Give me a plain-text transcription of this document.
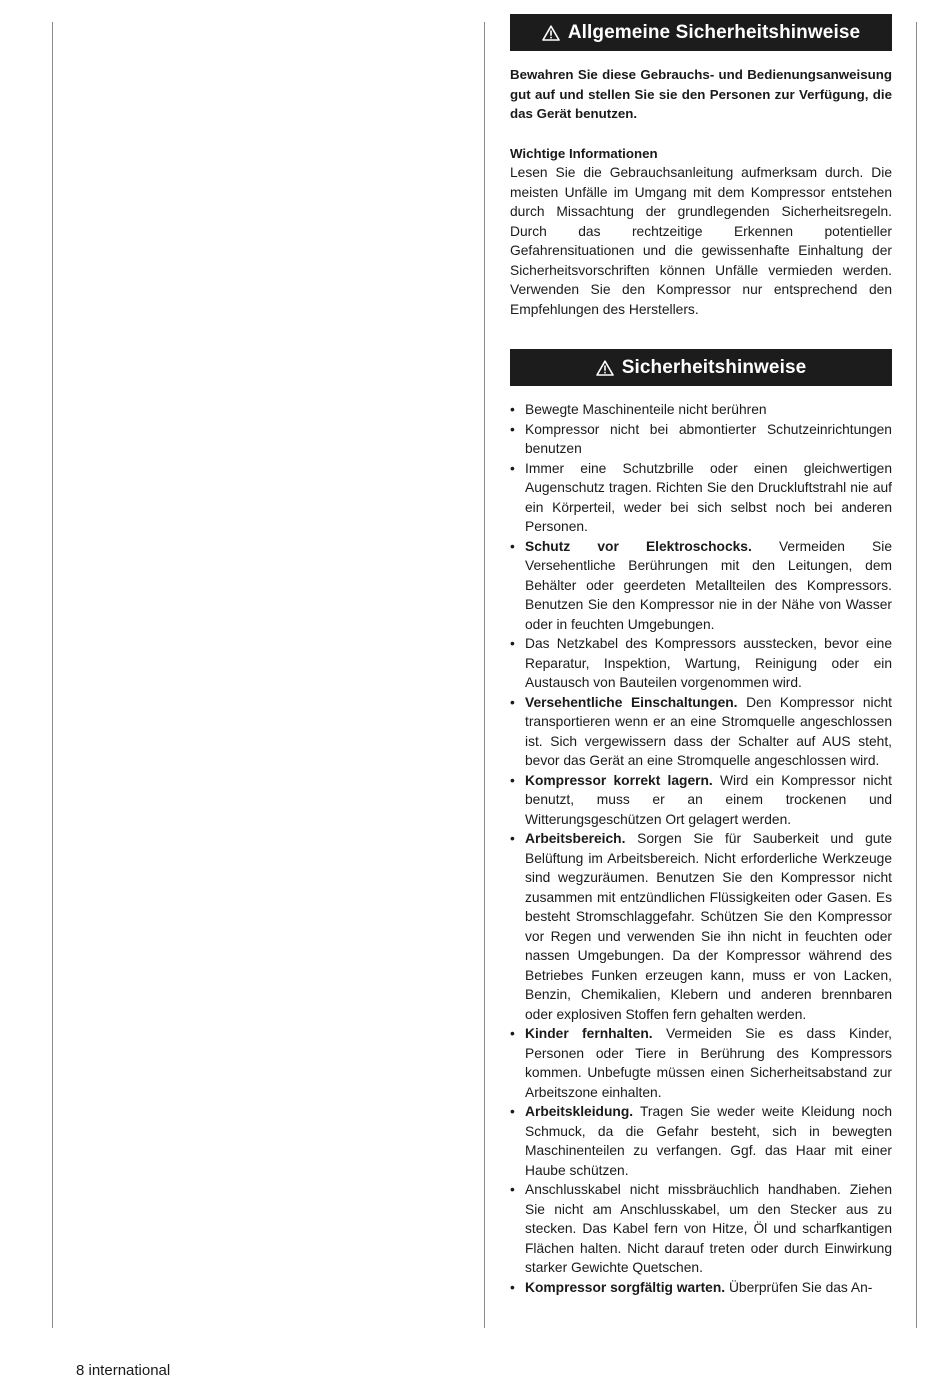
Allgemeine Sicherheitshinweise

Bewahren Sie diese Gebrauchs- und Bedienungsanweisung gut auf und stellen Sie sie den Personen zur Verfügung, die das Gerät benutzen.

Wichtige Informationen

Lesen Sie die Gebrauchsanleitung aufmerksam durch. Die meisten Unfälle im Umgang mit dem Kompressor entstehen durch Missachtung der grundlegenden Sicherheitsregeln. Durch das rechtzeitige Erkennen potentieller Gefahrensituationen und die gewissenhafte Einhaltung der Sicherheitsvorschriften können Unfälle vermieden werden. Verwenden Sie den Kompressor nur entsprechend den Empfehlungen des Herstellers.

Sicherheitshinweise
• Bewegte Maschinenteile nicht berühren
• Kompressor nicht bei abmontierter Schutzeinrichtungen benutzen
• Immer eine Schutzbrille oder einen gleichwertigen Augenschutz tragen. Richten Sie den Druckluftstrahl nie auf ein Körperteil, weder bei sich selbst noch bei anderen Personen.
• Schutz vor Elektroschocks. Vermeiden Sie Versehentliche Berührungen mit den Leitungen, dem Behälter oder geerdeten Metallteilen des Kompressors. Benutzen Sie den Kompressor nie in der Nähe von Wasser oder in feuchten Umgebungen.
• Das Netzkabel des Kompressors ausstecken, bevor eine Reparatur, Inspektion, Wartung, Reinigung oder ein Austausch von Bauteilen vorgenommen wird.
• Versehentliche Einschaltungen. Den Kompressor nicht transportieren wenn er an eine Stromquelle angeschlossen ist. Sich vergewissern dass der Schalter auf AUS steht, bevor das Gerät an eine Stromquelle angeschlossen wird.
• Kompressor korrekt lagern. Wird ein Kompressor nicht benutzt, muss er an einem trockenen und Witterungsgeschützen Ort gelagert werden.
• Arbeitsbereich. Sorgen Sie für Sauberkeit und gute Belüftung im Arbeitsbereich. Nicht erforderliche Werkzeuge sind wegzuräumen. Benutzen Sie den Kompressor nicht zusammen mit entzündlichen Flüssigkeiten oder Gasen. Es besteht Stromschlaggefahr. Schützen Sie den Kompressor vor Regen und verwenden Sie ihn nicht in feuchten oder nassen Umgebungen. Da der Kompressor während des Betriebes Funken erzeugen kann, muss er von Lacken, Benzin, Chemikalien, Klebern und anderen brennbaren oder explosiven Stoffen fern gehalten werden.
• Kinder fernhalten. Vermeiden Sie es dass Kinder, Personen oder Tiere in Berührung des Kompressors kommen. Unbefugte müssen einen Sicherheitsabstand zur Arbeitszone einhalten.
• Arbeitskleidung. Tragen Sie weder weite Kleidung noch Schmuck, da die Gefahr besteht, sich in bewegten Maschinenteilen zu verfangen. Ggf. das Haar mit einer Haube schützen.
• Anschlusskabel nicht missbräuchlich handhaben. Ziehen Sie nicht am Anschlusskabel, um den Stecker aus zu stecken. Das Kabel fern von Hitze, Öl und scharfkantigen Flächen halten. Nicht darauf treten oder durch Einwirkung starker Gewichte Quetschen.
• Kompressor sorgfältig warten. Überprüfen Sie das An-
8 international
